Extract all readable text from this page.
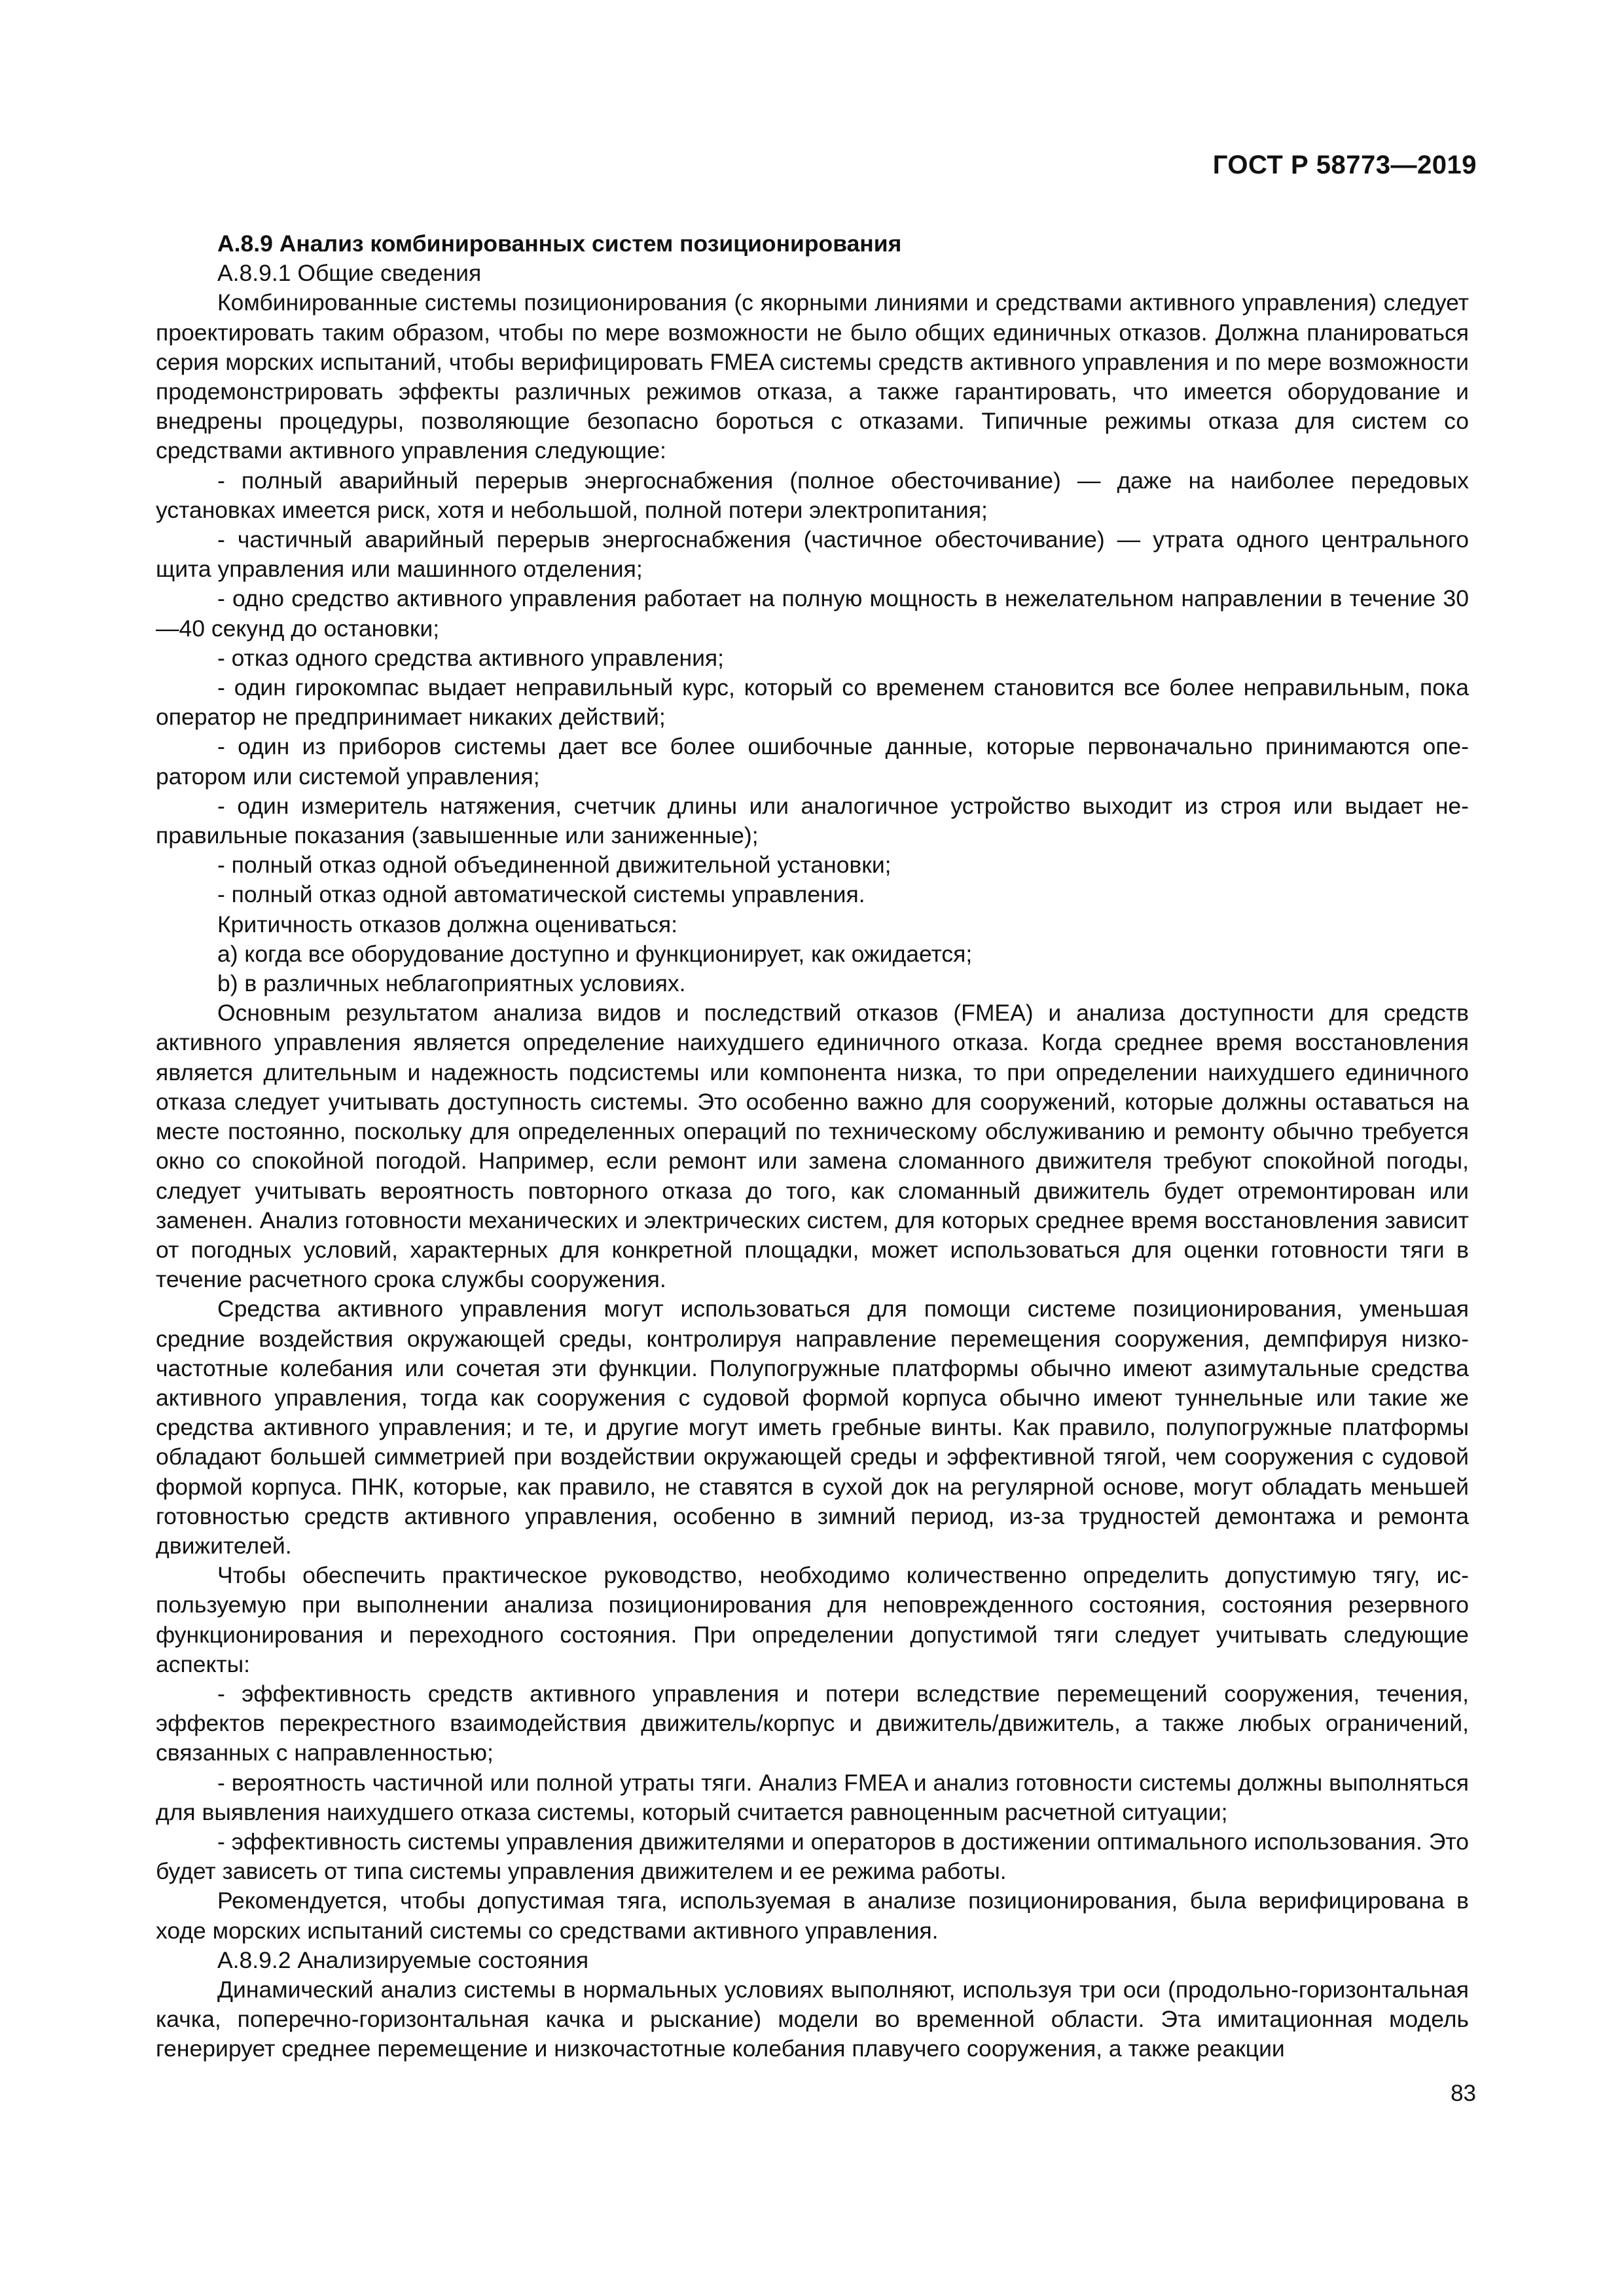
ГОСТ Р 58773—2019

А.8.9 Анализ комбинированных систем позиционирования

А.8.9.1 Общие сведения

Комбинированные системы позиционирования (с якорными линиями и средствами активного управления) следует проектировать таким образом, чтобы по мере возможности не было общих единичных отказов. Должна планироваться серия морских испытаний, чтобы верифицировать FMEA системы средств активного управления и по мере возможности продемонстрировать эффекты различных режимов отказа, а также гарантировать, что имеется оборудование и внедрены процедуры, позволяющие безопасно бороться с отказами. Типичные режимы отказа для систем со средствами активного управления следующие:

- полный аварийный перерыв энергоснабжения (полное обесточивание) — даже на наиболее передовых установках имеется риск, хотя и небольшой, полной потери электропитания;

- частичный аварийный перерыв энергоснабжения (частичное обесточивание) — утрата одного центрального щита управления или машинного отделения;

- одно средство активного управления работает на полную мощность в нежелательном направлении в течение 30—40 секунд до остановки;

- отказ одного средства активного управления;

- один гирокомпас выдает неправильный курс, который со временем становится все более неправильным, пока оператор не предпринимает никаких действий;

- один из приборов системы дает все более ошибочные данные, которые первоначально принимаются оператором или системой управления;

- один измеритель натяжения, счетчик длины или аналогичное устройство выходит из строя или выдает неправильные показания (завышенные или заниженные);

- полный отказ одной объединенной движительной установки;

- полный отказ одной автоматической системы управления.

Критичность отказов должна оцениваться:

a) когда все оборудование доступно и функционирует, как ожидается;

b) в различных неблагоприятных условиях.

Основным результатом анализа видов и последствий отказов (FMEA) и анализа доступности для средств активного управления является определение наихудшего единичного отказа. Когда среднее время восстановления является длительным и надежность подсистемы или компонента низка, то при определении наихудшего единичного отказа следует учитывать доступность системы. Это особенно важно для сооружений, которые должны оставаться на месте постоянно, поскольку для определенных операций по техническому обслуживанию и ремонту обычно требуется окно со спокойной погодой. Например, если ремонт или замена сломанного движителя требуют спокойной погоды, следует учитывать вероятность повторного отказа до того, как сломанный движитель будет отремонтирован или заменен. Анализ готовности механических и электрических систем, для которых среднее время восстановления зависит от погодных условий, характерных для конкретной площадки, может использоваться для оценки готовности тяги в течение расчетного срока службы сооружения.

Средства активного управления могут использоваться для помощи системе позиционирования, уменьшая средние воздействия окружающей среды, контролируя направление перемещения сооружения, демпфируя низкочастотные колебания или сочетая эти функции. Полупогружные платформы обычно имеют азимутальные средства активного управления, тогда как сооружения с судовой формой корпуса обычно имеют туннельные или такие же средства активного управления; и те, и другие могут иметь гребные винты. Как правило, полупогружные платформы обладают большей симметрией при воздействии окружающей среды и эффективной тягой, чем сооружения с судовой формой корпуса. ПНК, которые, как правило, не ставятся в сухой док на регулярной основе, могут обладать меньшей готовностью средств активного управления, особенно в зимний период, из-за трудностей демонтажа и ремонта движителей.

Чтобы обеспечить практическое руководство, необходимо количественно определить допустимую тягу, используемую при выполнении анализа позиционирования для неповрежденного состояния, состояния резервного функционирования и переходного состояния. При определении допустимой тяги следует учитывать следующие аспекты:

- эффективность средств активного управления и потери вследствие перемещений сооружения, течения, эффектов перекрестного взаимодействия движитель/корпус и движитель/движитель, а также любых ограничений, связанных с направленностью;

- вероятность частичной или полной утраты тяги. Анализ FMEA и анализ готовности системы должны выполняться для выявления наихудшего отказа системы, который считается равноценным расчетной ситуации;

- эффективность системы управления движителями и операторов в достижении оптимального использования. Это будет зависеть от типа системы управления движителем и ее режима работы.

Рекомендуется, чтобы допустимая тяга, используемая в анализе позиционирования, была верифицирована в ходе морских испытаний системы со средствами активного управления.

А.8.9.2 Анализируемые состояния

Динамический анализ системы в нормальных условиях выполняют, используя три оси (продольно-горизонтальная качка, поперечно-горизонтальная качка и рыскание) модели во временной области. Эта имитационная модель генерирует среднее перемещение и низкочастотные колебания плавучего сооружения, а также реакции

83
